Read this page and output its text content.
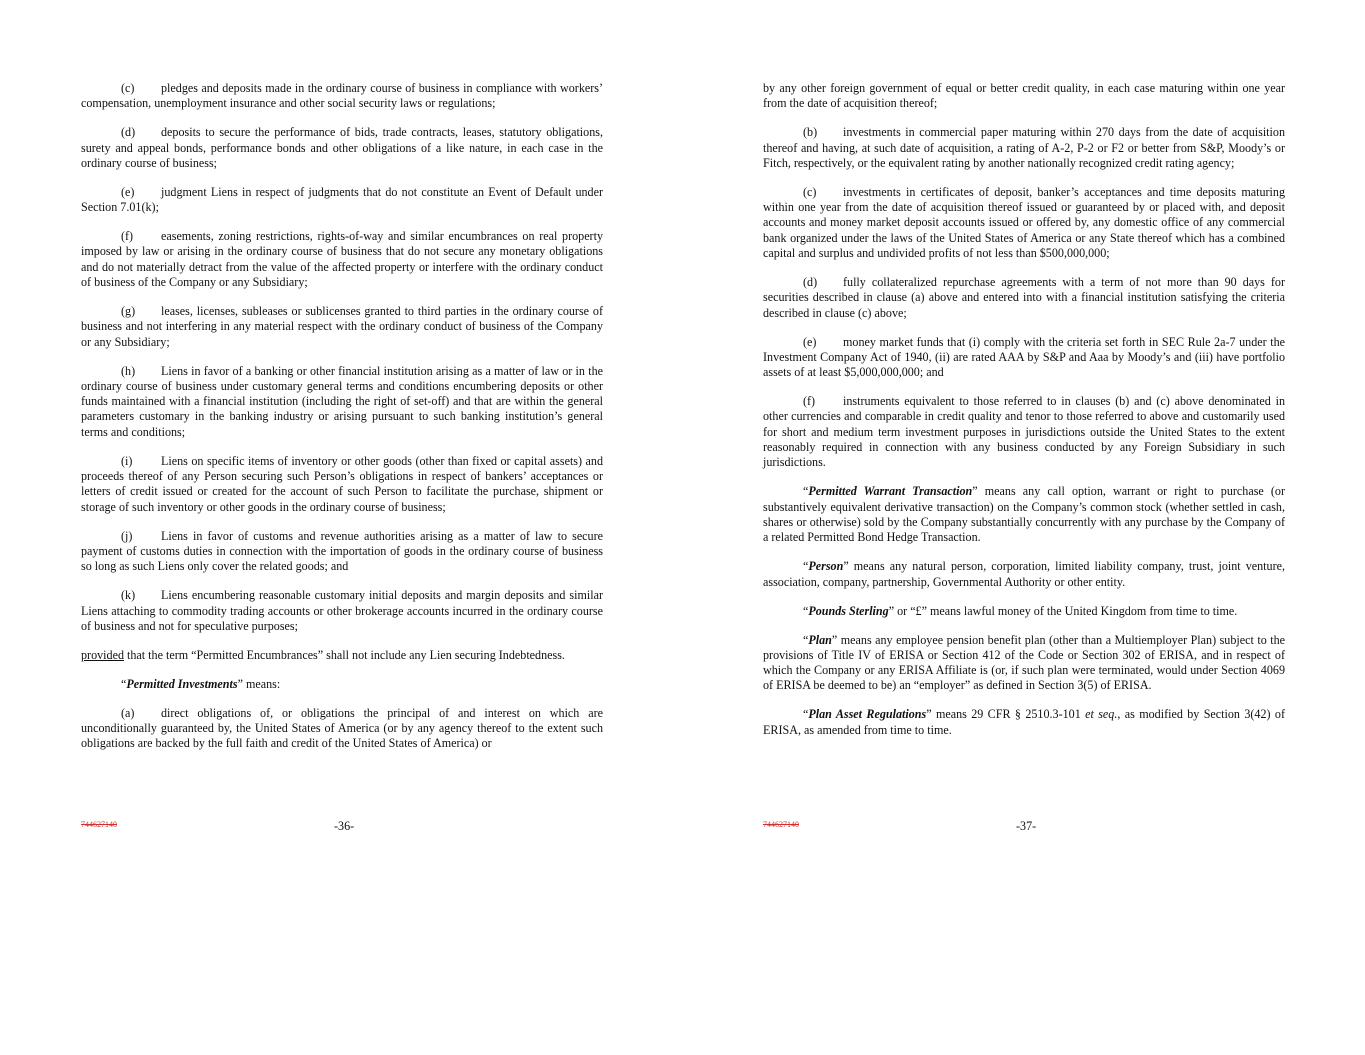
(c) pledges and deposits made in the ordinary course of business in compliance with workers’ compensation, unemployment insurance and other social security laws or regulations;

(d) deposits to secure the performance of bids, trade contracts, leases, statutory obligations, surety and appeal bonds, performance bonds and other obligations of a like nature, in each case in the ordinary course of business;

(e) judgment Liens in respect of judgments that do not constitute an Event of Default under Section 7.01(k);

(f) easements, zoning restrictions, rights-of-way and similar encumbrances on real property imposed by law or arising in the ordinary course of business that do not secure any monetary obligations and do not materially detract from the value of the affected property or interfere with the ordinary conduct of business of the Company or any Subsidiary;

(g) leases, licenses, subleases or sublicenses granted to third parties in the ordinary course of business and not interfering in any material respect with the ordinary conduct of business of the Company or any Subsidiary;

(h) Liens in favor of a banking or other financial institution arising as a matter of law or in the ordinary course of business under customary general terms and conditions encumbering deposits or other funds maintained with a financial institution (including the right of set-off) and that are within the general parameters customary in the banking industry or arising pursuant to such banking institution’s general terms and conditions;

(i) Liens on specific items of inventory or other goods (other than fixed or capital assets) and proceeds thereof of any Person securing such Person’s obligations in respect of bankers’ acceptances or letters of credit issued or created for the account of such Person to facilitate the purchase, shipment or storage of such inventory or other goods in the ordinary course of business;

(j) Liens in favor of customs and revenue authorities arising as a matter of law to secure payment of customs duties in connection with the importation of goods in the ordinary course of business so long as such Liens only cover the related goods; and

(k) Liens encumbering reasonable customary initial deposits and margin deposits and similar Liens attaching to commodity trading accounts or other brokerage accounts incurred in the ordinary course of business and not for speculative purposes;

provided that the term “Permitted Encumbrances” shall not include any Lien securing Indebtedness.

“Permitted Investments” means:

(a) direct obligations of, or obligations the principal of and interest on which are unconditionally guaranteed by, the United States of America (or by any agency thereof to the extent such obligations are backed by the full faith and credit of the United States of America) or

744627140	-36-

by any other foreign government of equal or better credit quality, in each case maturing within one year from the date of acquisition thereof;

(b) investments in commercial paper maturing within 270 days from the date of acquisition thereof and having, at such date of acquisition, a rating of A-2, P-2 or F2 or better from S&P, Moody’s or Fitch, respectively, or the equivalent rating by another nationally recognized credit rating agency;

(c) investments in certificates of deposit, banker’s acceptances and time deposits maturing within one year from the date of acquisition thereof issued or guaranteed by or placed with, and deposit accounts and money market deposit accounts issued or offered by, any domestic office of any commercial bank organized under the laws of the United States of America or any State thereof which has a combined capital and surplus and undivided profits of not less than $500,000,000;

(d) fully collateralized repurchase agreements with a term of not more than 90 days for securities described in clause (a) above and entered into with a financial institution satisfying the criteria described in clause (c) above;

(e) money market funds that (i) comply with the criteria set forth in SEC Rule 2a-7 under the Investment Company Act of 1940, (ii) are rated AAA by S&P and Aaa by Moody’s and (iii) have portfolio assets of at least $5,000,000,000; and

(f) instruments equivalent to those referred to in clauses (b) and (c) above denominated in other currencies and comparable in credit quality and tenor to those referred to above and customarily used for short and medium term investment purposes in jurisdictions outside the United States to the extent reasonably required in connection with any business conducted by any Foreign Subsidiary in such jurisdictions.

“Permitted Warrant Transaction” means any call option, warrant or right to purchase (or substantively equivalent derivative transaction) on the Company’s common stock (whether settled in cash, shares or otherwise) sold by the Company substantially concurrently with any purchase by the Company of a related Permitted Bond Hedge Transaction.

“Person” means any natural person, corporation, limited liability company, trust, joint venture, association, company, partnership, Governmental Authority or other entity.

“Pounds Sterling” or “£” means lawful money of the United Kingdom from time to time.

“Plan” means any employee pension benefit plan (other than a Multiemployer Plan) subject to the provisions of Title IV of ERISA or Section 412 of the Code or Section 302 of ERISA, and in respect of which the Company or any ERISA Affiliate is (or, if such plan were terminated, would under Section 4069 of ERISA be deemed to be) an “employer” as defined in Section 3(5) of ERISA.

“Plan Asset Regulations” means 29 CFR § 2510.3-101 et seq., as modified by Section 3(42) of ERISA, as amended from time to time.

744627140	-37-
